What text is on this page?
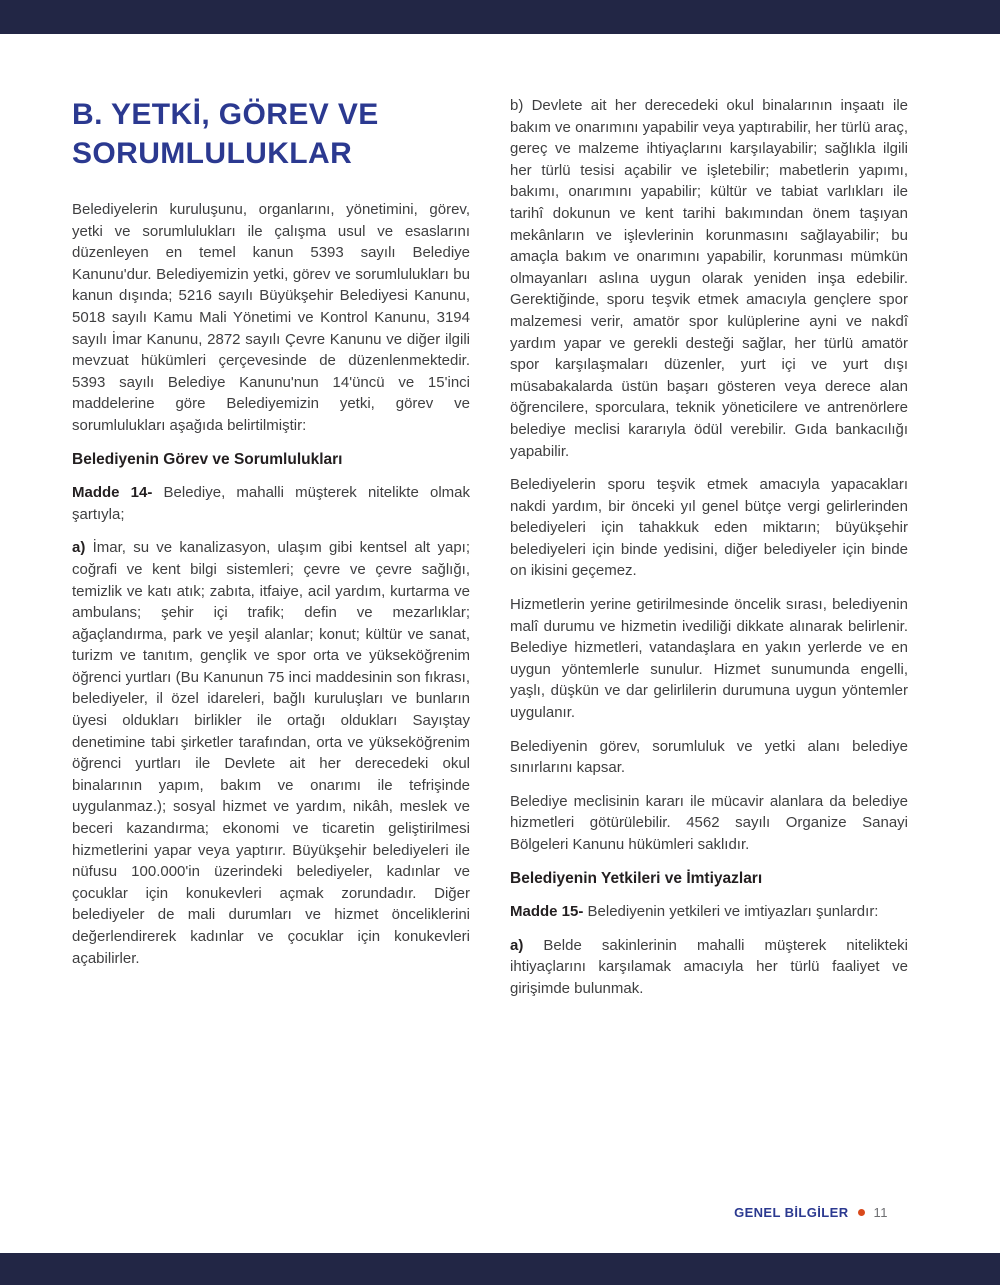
B. YETKİ, GÖREV VE
SORUMLULUKLAR

Belediyelerin kuruluşunu, organlarını, yönetimini, görev, yetki ve sorumlulukları ile çalışma usul ve esaslarını düzenleyen en temel kanun 5393 sayılı Belediye Kanunu'dur. Belediyemizin yetki, görev ve sorumlulukları bu kanun dışında; 5216 sayılı Büyükşehir Belediyesi Kanunu, 5018 sayılı Kamu Mali Yönetimi ve Kontrol Kanunu, 3194 sayılı İmar Kanunu, 2872 sayılı Çevre Kanunu ve diğer ilgili mevzuat hükümleri çerçevesinde de düzenlenmektedir. 5393 sayılı Belediye Kanunu'nun 14'üncü ve 15'inci maddelerine göre Belediyemizin yetki, görev ve sorumlulukları aşağıda belirtilmiştir:

Belediyenin Görev ve Sorumlulukları

Madde 14- Belediye, mahalli müşterek nitelikte olmak şartıyla;

a) İmar, su ve kanalizasyon, ulaşım gibi kentsel alt yapı; coğrafi ve kent bilgi sistemleri; çevre ve çevre sağlığı, temizlik ve katı atık; zabıta, itfaiye, acil yardım, kurtarma ve ambulans; şehir içi trafik; defin ve mezarlıklar; ağaçlandırma, park ve yeşil alanlar; konut; kültür ve sanat, turizm ve tanıtım, gençlik ve spor orta ve yükseköğrenim öğrenci yurtları (Bu Kanunun 75 inci maddesinin son fıkrası, belediyeler, il özel idareleri, bağlı kuruluşları ve bunların üyesi oldukları birlikler ile ortağı oldukları Sayıştay denetimine tabi şirketler tarafından, orta ve yükseköğrenim öğrenci yurtları ile Devlete ait her derecedeki okul binalarının yapım, bakım ve onarımı ile tefrişinde uygulanmaz.); sosyal hizmet ve yardım, nikâh, meslek ve beceri kazandırma; ekonomi ve ticaretin geliştirilmesi hizmetlerini yapar veya yaptırır. Büyükşehir belediyeleri ile nüfusu 100.000'in üzerindeki belediyeler, kadınlar ve çocuklar için konukevleri açmak zorundadır. Diğer belediyeler de mali durumları ve hizmet önceliklerini değerlendirerek kadınlar ve çocuklar için konukevleri açabilirler.

b) Devlete ait her derecedeki okul binalarının inşaatı ile bakım ve onarımını yapabilir veya yaptırabilir, her türlü araç, gereç ve malzeme ihtiyaçlarını karşılayabilir; sağlıkla ilgili her türlü tesisi açabilir ve işletebilir; mabetlerin yapımı, bakımı, onarımını yapabilir; kültür ve tabiat varlıkları ile tarihî dokunun ve kent tarihi bakımından önem taşıyan mekânların ve işlevlerinin korunmasını sağlayabilir; bu amaçla bakım ve onarımını yapabilir, korunması mümkün olmayanları aslına uygun olarak yeniden inşa edebilir. Gerektiğinde, sporu teşvik etmek amacıyla gençlere spor malzemesi verir, amatör spor kulüplerine ayni ve nakdî yardım yapar ve gerekli desteği sağlar, her türlü amatör spor karşılaşmaları düzenler, yurt içi ve yurt dışı müsabakalarda üstün başarı gösteren veya derece alan öğrencilere, sporculara, teknik yöneticilere ve antrenörlere belediye meclisi kararıyla ödül verebilir. Gıda bankacılığı yapabilir.

Belediyelerin sporu teşvik etmek amacıyla yapacakları nakdi yardım, bir önceki yıl genel bütçe vergi gelirlerinden belediyeleri için tahakkuk eden miktarın; büyükşehir belediyeleri için binde yedisini, diğer belediyeler için binde on ikisini geçemez.

Hizmetlerin yerine getirilmesinde öncelik sırası, belediyenin malî durumu ve hizmetin ivediliği dikkate alınarak belirlenir. Belediye hizmetleri, vatandaşlara en yakın yerlerde ve en uygun yöntemlerle sunulur. Hizmet sunumunda engelli, yaşlı, düşkün ve dar gelirlilerin durumuna uygun yöntemler uygulanır.

Belediyenin görev, sorumluluk ve yetki alanı belediye sınırlarını kapsar.

Belediye meclisinin kararı ile mücavir alanlara da belediye hizmetleri götürülebilir. 4562 sayılı Organize Sanayi Bölgeleri Kanunu hükümleri saklıdır.

Belediyenin Yetkileri ve İmtiyazları

Madde 15- Belediyenin yetkileri ve imtiyazları şunlardır:

a) Belde sakinlerinin mahalli müşterek nitelikteki ihtiyaçlarını karşılamak amacıyla her türlü faaliyet ve girişimde bulunmak.

GENEL BİLGİLER 11
